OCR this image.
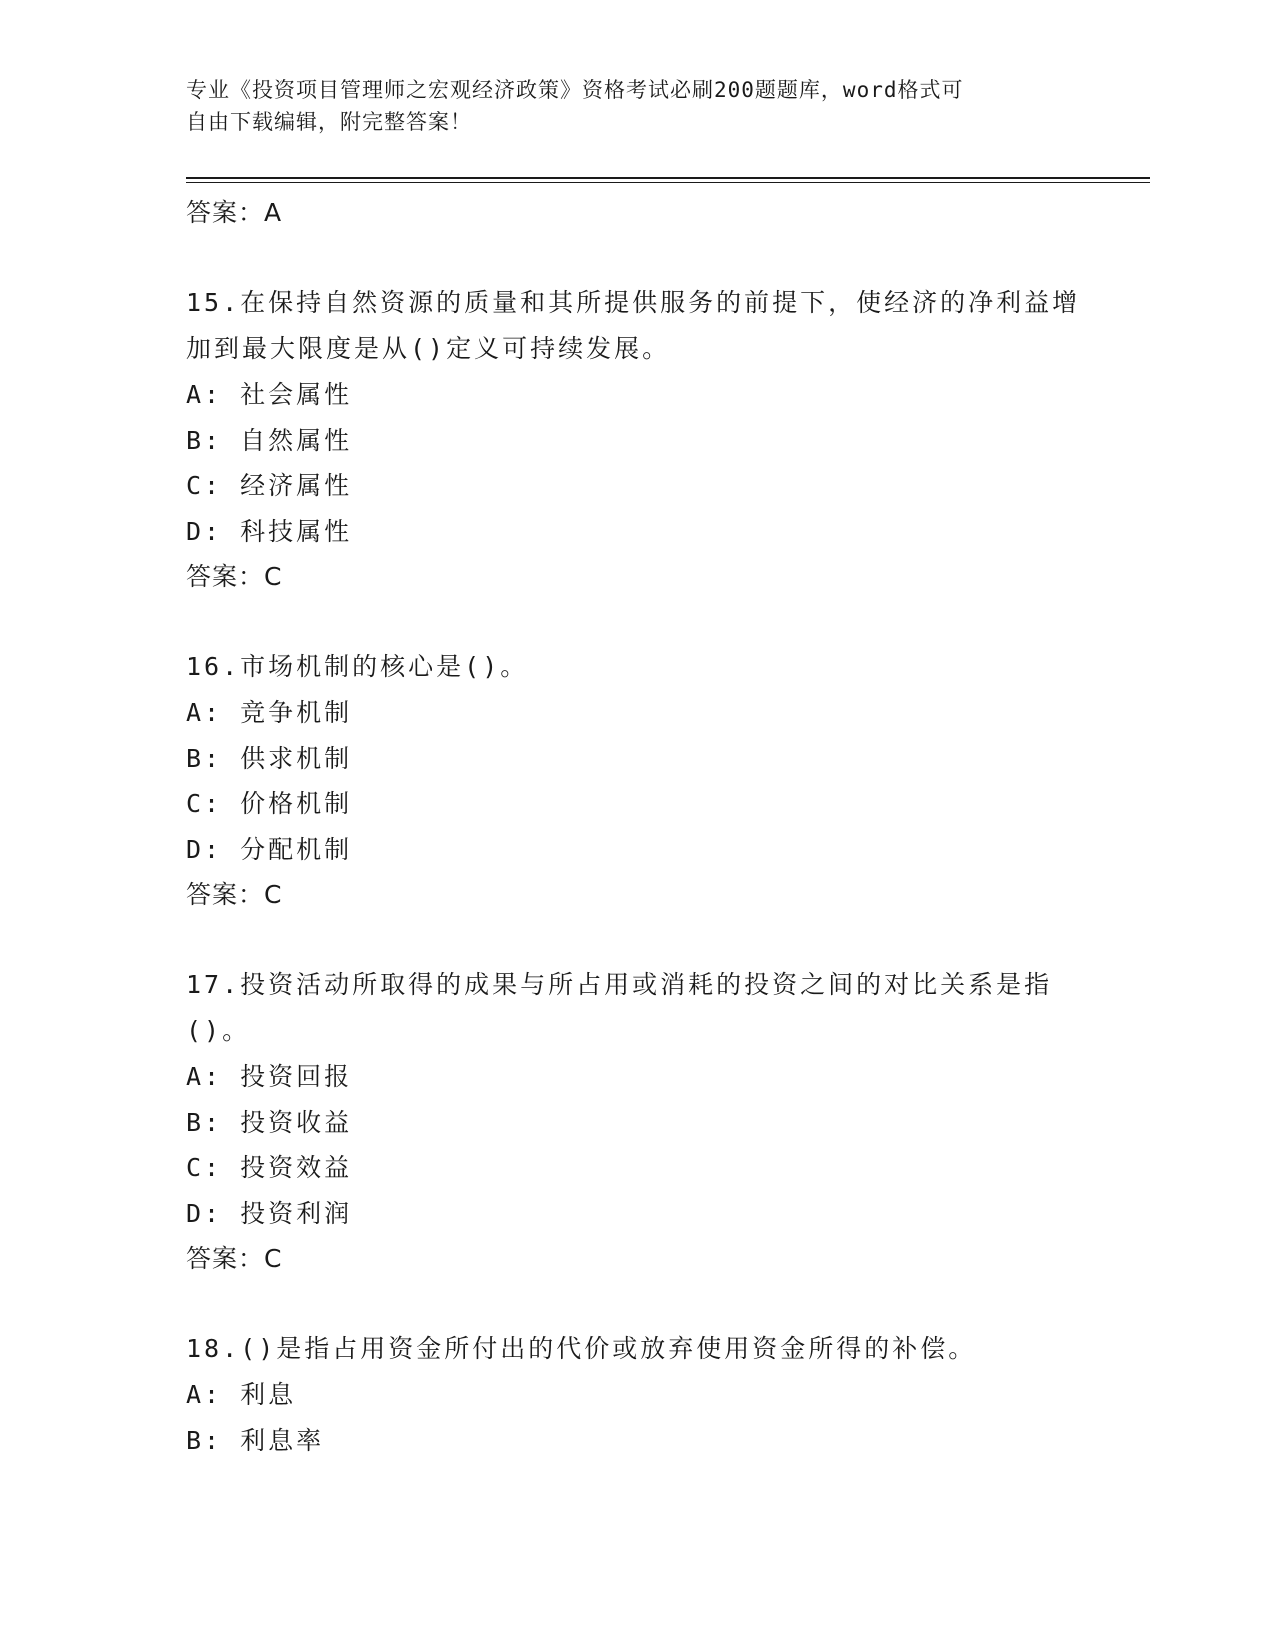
专业《投资项目管理师之宏观经济政策》资格考试必刷200题题库，word格式可
自由下载编辑，附完整答案！
答案：A
15.在保持自然资源的质量和其所提供服务的前提下，使经济的净利益增加到最大限度是从()定义可持续发展。
A: 社会属性
B: 自然属性
C: 经济属性
D: 科技属性
答案：C
16.市场机制的核心是()。
A: 竞争机制
B: 供求机制
C: 价格机制
D: 分配机制
答案：C
17.投资活动所取得的成果与所占用或消耗的投资之间的对比关系是指()。
A: 投资回报
B: 投资收益
C: 投资效益
D: 投资利润
答案：C
18.()是指占用资金所付出的代价或放弃使用资金所得的补偿。
A: 利息
B: 利息率
